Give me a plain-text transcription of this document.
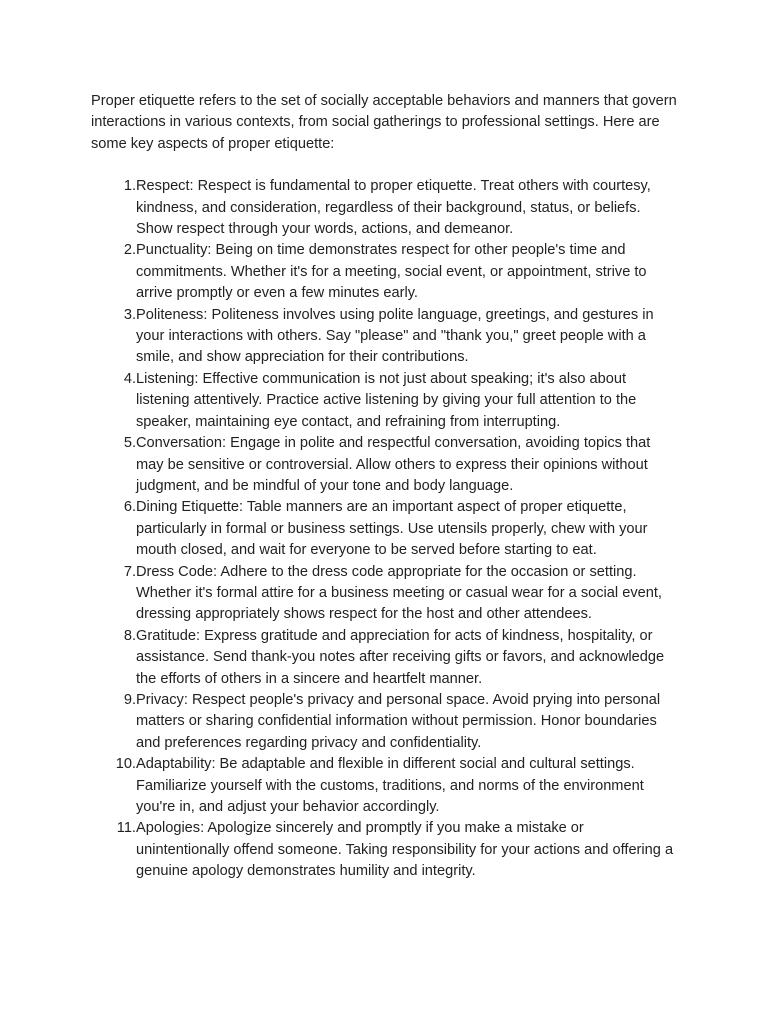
Proper etiquette refers to the set of socially acceptable behaviors and manners that govern interactions in various contexts, from social gatherings to professional settings. Here are some key aspects of proper etiquette:

1. Respect: Respect is fundamental to proper etiquette. Treat others with courtesy, kindness, and consideration, regardless of their background, status, or beliefs. Show respect through your words, actions, and demeanor.
2. Punctuality: Being on time demonstrates respect for other people's time and commitments. Whether it's for a meeting, social event, or appointment, strive to arrive promptly or even a few minutes early.
3. Politeness: Politeness involves using polite language, greetings, and gestures in your interactions with others. Say "please" and "thank you," greet people with a smile, and show appreciation for their contributions.
4. Listening: Effective communication is not just about speaking; it's also about listening attentively. Practice active listening by giving your full attention to the speaker, maintaining eye contact, and refraining from interrupting.
5. Conversation: Engage in polite and respectful conversation, avoiding topics that may be sensitive or controversial. Allow others to express their opinions without judgment, and be mindful of your tone and body language.
6. Dining Etiquette: Table manners are an important aspect of proper etiquette, particularly in formal or business settings. Use utensils properly, chew with your mouth closed, and wait for everyone to be served before starting to eat.
7. Dress Code: Adhere to the dress code appropriate for the occasion or setting. Whether it's formal attire for a business meeting or casual wear for a social event, dressing appropriately shows respect for the host and other attendees.
8. Gratitude: Express gratitude and appreciation for acts of kindness, hospitality, or assistance. Send thank-you notes after receiving gifts or favors, and acknowledge the efforts of others in a sincere and heartfelt manner.
9. Privacy: Respect people's privacy and personal space. Avoid prying into personal matters or sharing confidential information without permission. Honor boundaries and preferences regarding privacy and confidentiality.
10. Adaptability: Be adaptable and flexible in different social and cultural settings. Familiarize yourself with the customs, traditions, and norms of the environment you're in, and adjust your behavior accordingly.
11. Apologies: Apologize sincerely and promptly if you make a mistake or unintentionally offend someone. Taking responsibility for your actions and offering a genuine apology demonstrates humility and integrity.
